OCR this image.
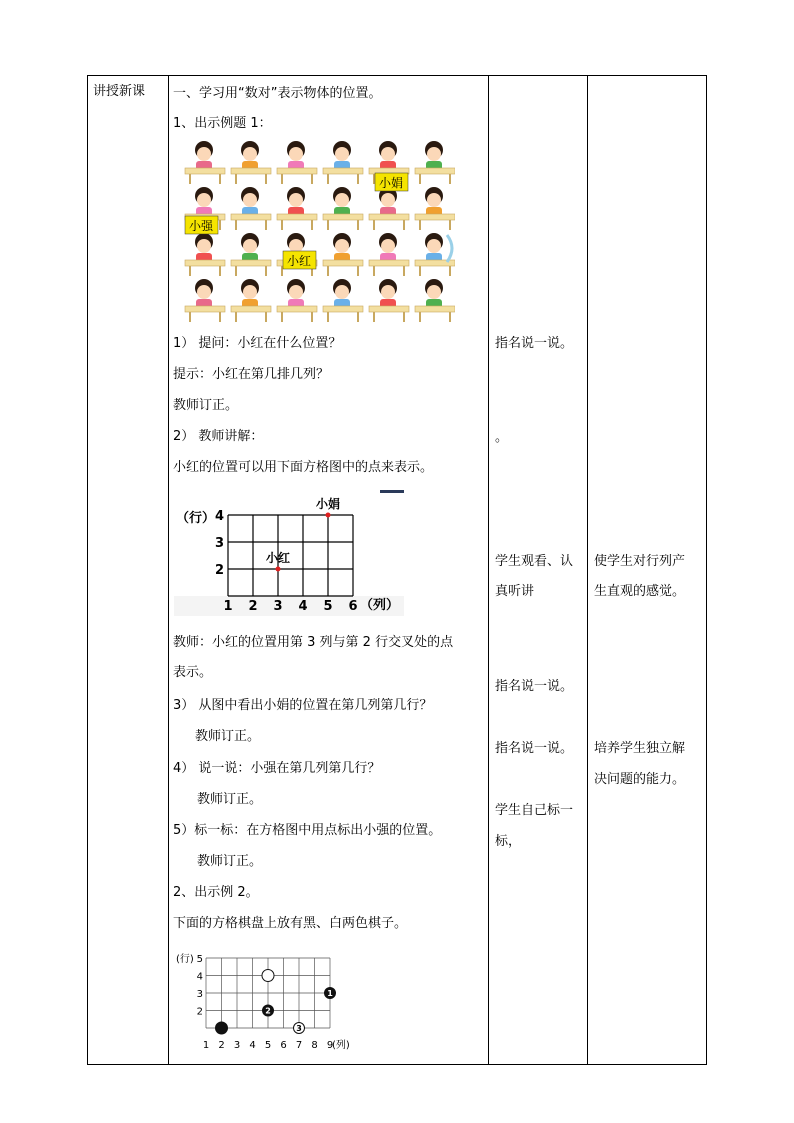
讲授新课 一、学习用“数对”表示物体的位置。
1、出示例题 1：
小娟
小强
小红
1） 提问：小红在什么位置？
提示：小红在第几排几列？
教师订正。
2） 教师讲解：
小红的位置可以用下面方格图中的点来表示。
（行）
（列）
4
3
2
1 2 3 4 5 6
小娟
小红
教师：小红的位置用第 3 列与第 2 行交叉处的点
表示。
3） 从图中看出小娟的位置在第几列第几行？
教师订正。
4） 说一说：小强在第几列第几行？
教师订正。
5）标一标：在方格图中用点标出小强的位置。
教师订正。
2、出示例 2。
下面的方格棋盘上放有黑、白两色棋子。
(行)
(列)
5
4
3
2
1 2 3 4 5 6 7 8 9
2
3
1
指名说一说。
。
学生观看、认
真听讲
指名说一说。
指名说一说。
学生自己标一
标，
使学生对行列产
生直观的感觉。
培养学生独立解
决问题的能力。
